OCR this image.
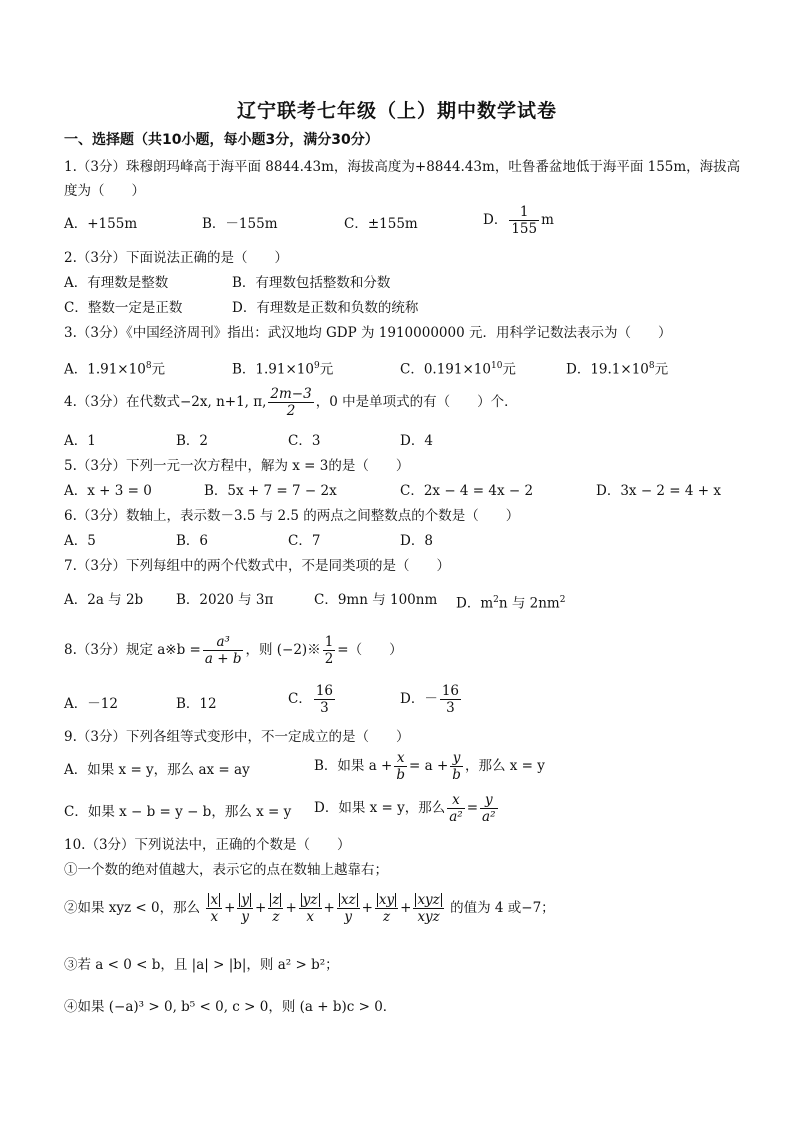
辽宁联考七年级（上）期中数学试卷
一、选择题（共10小题，每小题3分，满分30分）
1.（3分）珠穆朗玛峰高于海平面 8844.43m，海拔高度为+8844.43m，吐鲁番盆地低于海平面 155m，海拔高
度为（　　）
A．+155m	B．－155m	C．±155m	D． $\frac{1}{155}$ m
2.（3分）下面说法正确的是（　　）
A．有理数是整数	B．有理数包括整数和分数
C．整数一定是正数	D．有理数是正数和负数的统称
3.（3分）《中国经济周刊》指出：武汉地均 GDP 为 1910000000 元．用科学记数法表示为（　　）
A．$1.91\times 10^8$元	B．$1.91\times 10^9$元	C．$0.191\times 10^{10}$元	D．$19.1\times 10^8$元
4.（3分）在代数式−2x, n+1, π, $\frac{2m-3}{2}$ ，0 中是单项式的有（　　）个．
A．1	B．2	C．3	D．4
5.（3分）下列一元一次方程中，解为 x = 3的是（　　）
A．x + 3 = 0	B．5x + 7 = 7 − 2x	C．2x − 4 = 4x − 2	D．3x − 2 = 4 + x
6.（3分）数轴上，表示数－3.5 与 2.5 的两点之间整数点的个数是（　　）
A．5	B．6	C．7	D．8
7.（3分）下列每组中的两个代数式中，不是同类项的是（　　）
A．2a 与 2b B．2020 与 3π	C．9mn 与 100nm D．$m^2n$ 与 $2nm^2$
8.（3分）规定 a※b = $\frac{\text{a³}}{a + b}$ ，则 (−2)※ $\frac{1}{2}$ =（　　）
A．－12	B．12	C． $\frac{16}{3}$	D．－ $\frac{16}{3}$
9.（3分）下列各组等式变形中，不一定成立的是（　　）
A．如果 x = y，那么 ax = ay	B．如果 $a + \frac{x}{b} = a + \frac{y}{b}$ ，那么 x = y
C．如果 x − b = y − b，那么 x = y D．如果 x = y，那么 $\frac{x}{\text{a²}} = \frac{y}{\text{a²}}$
10.（3分）下列说法中，正确的个数是（　　）
①一个数的绝对值越大，表示它的点在数轴上越靠右；
②如果 xyz < 0，那么 $\frac{x}{x} + \frac{y}{y} + \frac{z}{z} + \frac{yz}{x} + \frac{xz}{y} + \frac{xy}{z} + \frac{\text{xyz}}{\text{xyz}}$ 的值为 4 或−7；
③若 a < 0 < b，且 |a| > |b|，则 a² > b²；
④如果 (−a)³ > 0, b⁵ < 0, c > 0，则 (a + b)c > 0．
